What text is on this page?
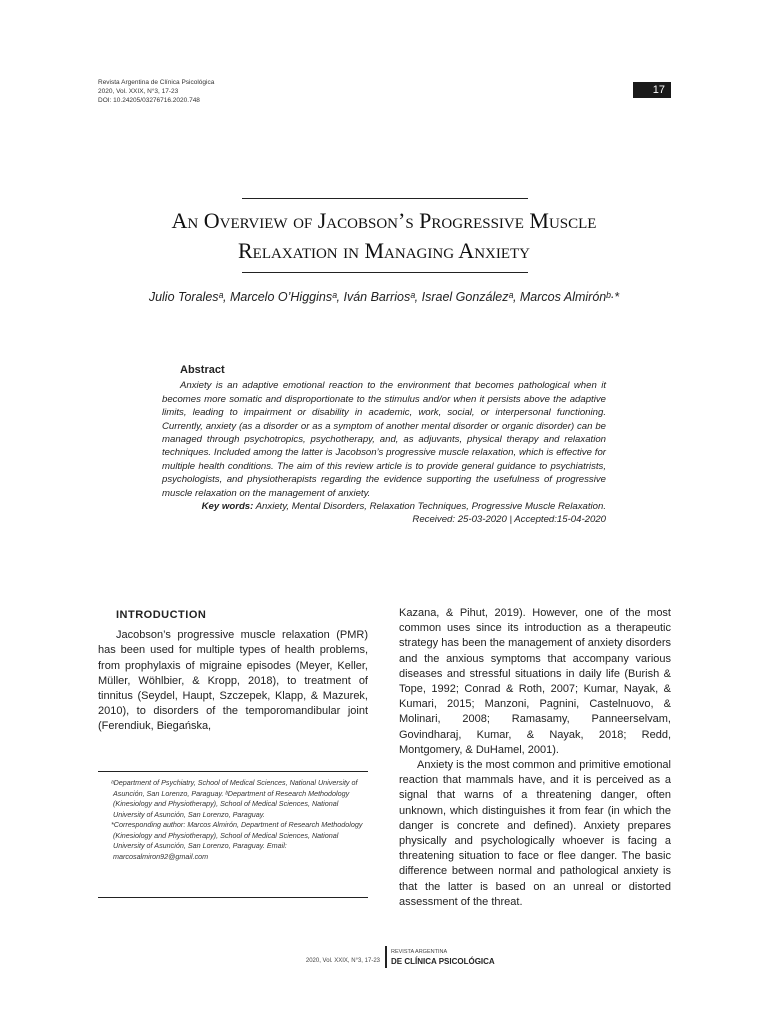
Revista Argentina de Clínica Psicológica
2020, Vol. XXIX, N°3, 17-23
DOI: 10.24205/03276716.2020.748
17
An Overview of Jacobson’s Progressive Muscle
Relaxation in Managing Anxiety
Julio Toralesᵃ, Marcelo O’Higginsᵃ, Iván Barriosᵃ, Israel Gonzálezᵃ, Marcos Almirónᵇ·*
Abstract

Anxiety is an adaptive emotional reaction to the environment that becomes pathological when it becomes more somatic and disproportionate to the stimulus and/or when it persists above the adaptive limits, leading to impairment or disability in academic, work, social, or interpersonal functioning. Currently, anxiety (as a disorder or as a symptom of another mental disorder or organic disorder) can be managed through psychotropics, psychotherapy, and, as adjuvants, physical therapy and relaxation techniques. Included among the latter is Jacobson’s progressive muscle relaxation, which is effective for multiple health conditions. The aim of this review article is to provide general guidance to psychiatrists, psychologists, and physiotherapists regarding the evidence supporting the usefulness of progressive muscle relaxation on the management of anxiety.

Key words: Anxiety, Mental Disorders, Relaxation Techniques, Progressive Muscle Relaxation.

Received: 25-03-2020 | Accepted:15-04-2020

INTRODUCTION

Jacobson’s progressive muscle relaxation (PMR) has been used for multiple types of health problems, from prophylaxis of migraine episodes (Meyer, Keller, Müller, Wöhlbier, & Kropp, 2018), to treatment of tinnitus (Seydel, Haupt, Szczepek, Klapp, & Mazurek, 2010), to disorders of the temporomandibular joint (Ferendiuk, Biegańska,

Kazana, & Pihut, 2019). However, one of the most common uses since its introduction as a therapeutic strategy has been the management of anxiety disorders and the anxious symptoms that accompany various diseases and stressful situations in daily life (Burish & Tope, 1992; Conrad & Roth, 2007; Kumar, Nayak, & Kumari, 2015; Manzoni, Pagnini, Castelnuovo, & Molinari, 2008; Ramasamy, Panneerselvam, Govindharaj, Kumar, & Nayak, 2018; Redd, Montgomery, & DuHamel, 2001).

Anxiety is the most common and primitive emotional reaction that mammals have, and it is perceived as a signal that warns of a threatening danger, often unknown, which distinguishes it from fear (in which the danger is concrete and defined). Anxiety prepares physically and psychologically whoever is facing a threatening situation to face or flee danger. The basic difference between normal and pathological anxiety is that the latter is based on an unreal or distorted assessment of the threat.

ᵃDepartment of Psychiatry, School of Medical Sciences, National University of Asunción, San Lorenzo, Paraguay. ᵇDepartment of Research Methodology (Kinesiology and Physiotherapy), School of Medical Sciences, National University of Asunción, San Lorenzo, Paraguay.

*Corresponding author: Marcos Almirón, Department of Research Methodology (Kinesiology and Physiotherapy), School of Medical Sciences, National University of Asunción, San Lorenzo, Paraguay. Email: marcosalmiron92@gmail.com

2020, Vol. XXIX, N°3, 17-23
REVISTA ARGENTINA
DE CLÍNICA PSICOLÓGICA
